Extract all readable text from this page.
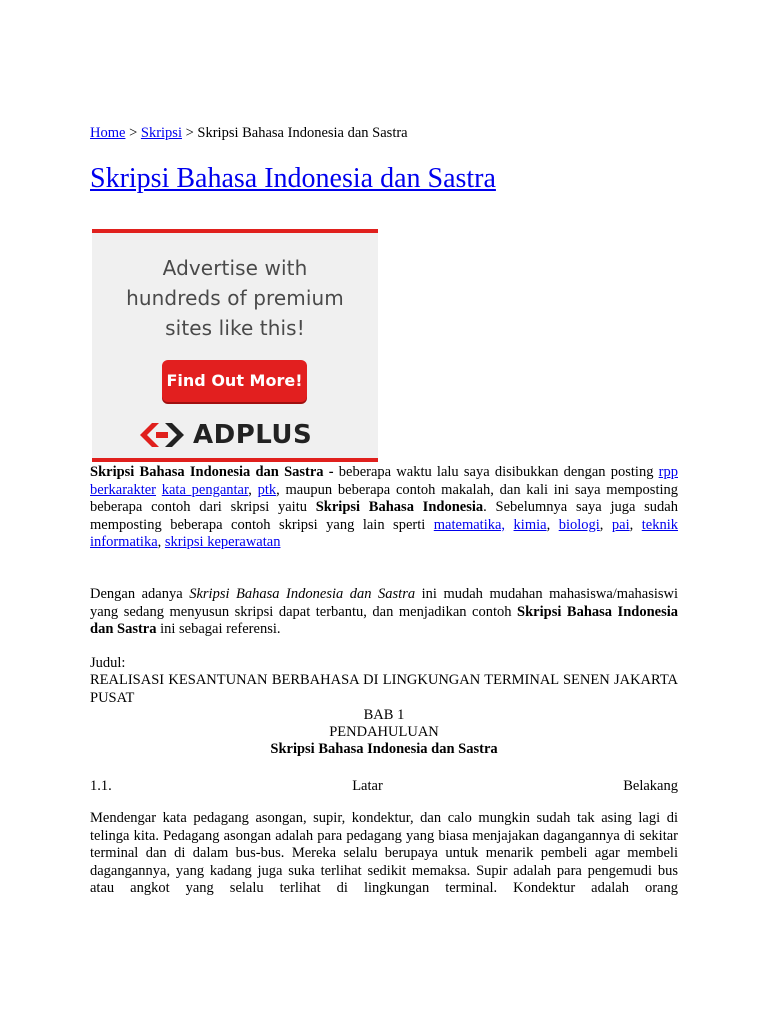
Home > Skripsi > Skripsi Bahasa Indonesia dan Sastra
Skripsi Bahasa Indonesia dan Sastra
Advertise with
hundreds of premium
sites like this!
Find Out More!
ADPLUS
Skripsi Bahasa Indonesia dan Sastra - beberapa waktu lalu saya disibukkan dengan posting rpp berkarakter kata pengantar, ptk, maupun beberapa contoh makalah, dan kali ini saya memposting beberapa contoh dari skripsi yaitu Skripsi Bahasa Indonesia. Sebelumnya saya juga sudah memposting beberapa contoh skripsi yang lain sperti matematika, kimia, biologi, pai, teknik informatika, skripsi keperawatan
Dengan adanya Skripsi Bahasa Indonesia dan Sastra ini mudah mudahan mahasiswa/mahasiswi yang sedang menyusun skripsi dapat terbantu, dan menjadikan contoh Skripsi Bahasa Indonesia dan Sastra ini sebagai referensi.
Judul:
REALISASI KESANTUNAN BERBAHASA DI LINGKUNGAN TERMINAL SENEN JAKARTA PUSAT
BAB 1
PENDAHULUAN
Skripsi Bahasa Indonesia dan Sastra
1.1.	Latar	Belakang
Mendengar kata pedagang asongan, supir, kondektur, dan calo mungkin sudah tak asing lagi di telinga kita. Pedagang asongan adalah para pedagang yang biasa menjajakan dagangannya di sekitar terminal dan di dalam bus-bus. Mereka selalu berupaya untuk menarik pembeli agar membeli dagangannya, yang kadang juga suka terlihat sedikit memaksa. Supir adalah para pengemudi bus atau angkot yang selalu terlihat di lingkungan terminal. Kondektur adalah orang
